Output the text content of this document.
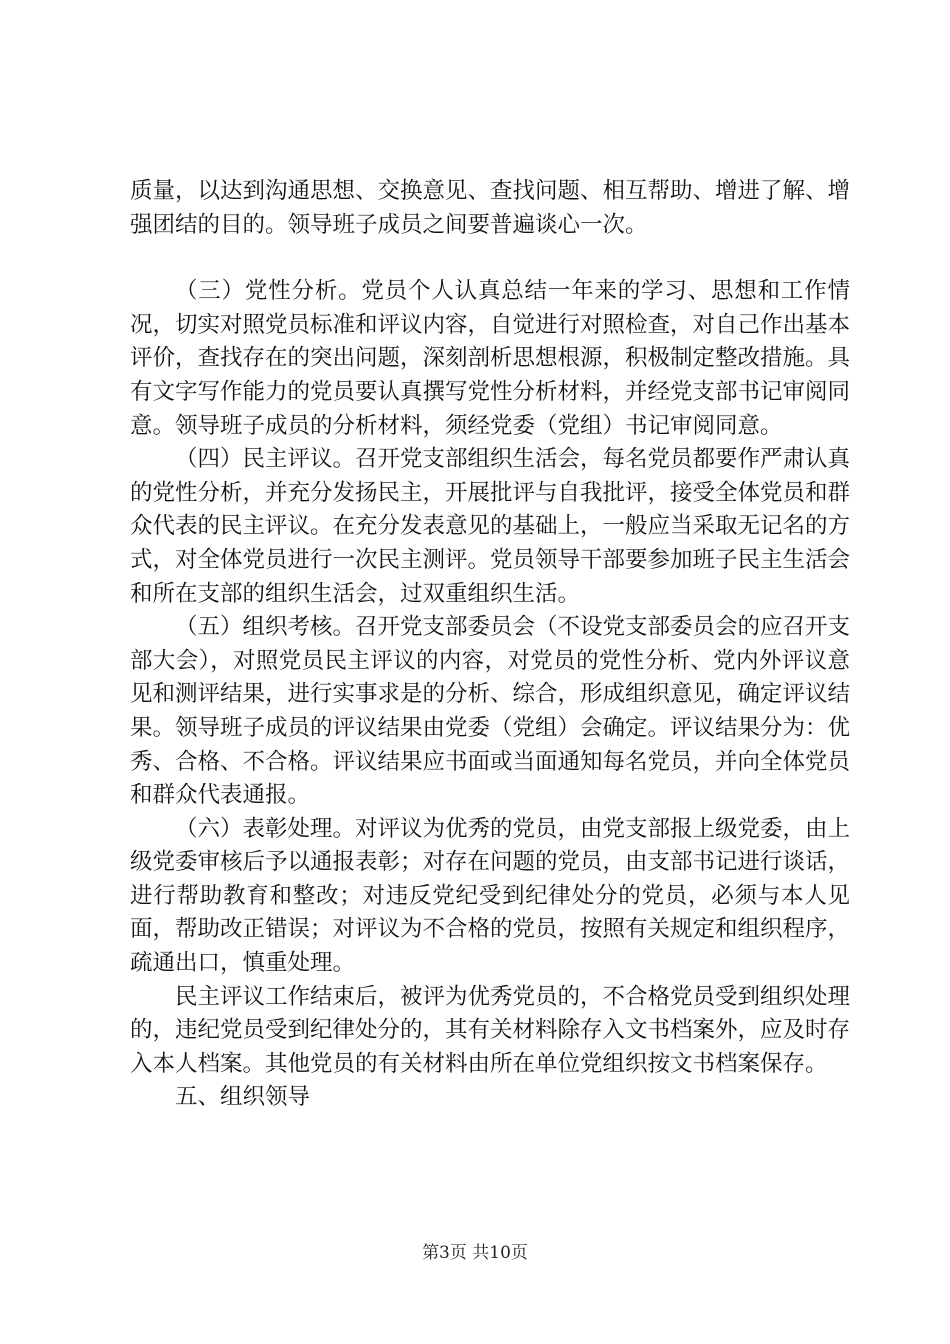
质量，以达到沟通思想、交换意见、查找问题、相互帮助、增进了解、增强团结的目的。领导班子成员之间要普遍谈心一次。

（三）党性分析。党员个人认真总结一年来的学习、思想和工作情况，切实对照党员标准和评议内容，自觉进行对照检查，对自己作出基本评价，查找存在的突出问题，深刻剖析思想根源，积极制定整改措施。具有文字写作能力的党员要认真撰写党性分析材料，并经党支部书记审阅同意。领导班子成员的分析材料，须经党委（党组）书记审阅同意。

（四）民主评议。召开党支部组织生活会，每名党员都要作严肃认真的党性分析，并充分发扬民主，开展批评与自我批评，接受全体党员和群众代表的民主评议。在充分发表意见的基础上，一般应当采取无记名的方式，对全体党员进行一次民主测评。党员领导干部要参加班子民主生活会和所在支部的组织生活会，过双重组织生活。

（五）组织考核。召开党支部委员会（不设党支部委员会的应召开支部大会），对照党员民主评议的内容，对党员的党性分析、党内外评议意见和测评结果，进行实事求是的分析、综合，形成组织意见，确定评议结果。领导班子成员的评议结果由党委（党组）会确定。评议结果分为：优秀、合格、不合格。评议结果应书面或当面通知每名党员，并向全体党员和群众代表通报。

（六）表彰处理。对评议为优秀的党员，由党支部报上级党委，由上级党委审核后予以通报表彰；对存在问题的党员，由支部书记进行谈话，进行帮助教育和整改；对违反党纪受到纪律处分的党员，必须与本人见面，帮助改正错误；对评议为不合格的党员，按照有关规定和组织程序，疏通出口，慎重处理。

民主评议工作结束后，被评为优秀党员的，不合格党员受到组织处理的，违纪党员受到纪律处分的，其有关材料除存入文书档案外，应及时存入本人档案。其他党员的有关材料由所在单位党组织按文书档案保存。

五、组织领导

第3页 共10页
